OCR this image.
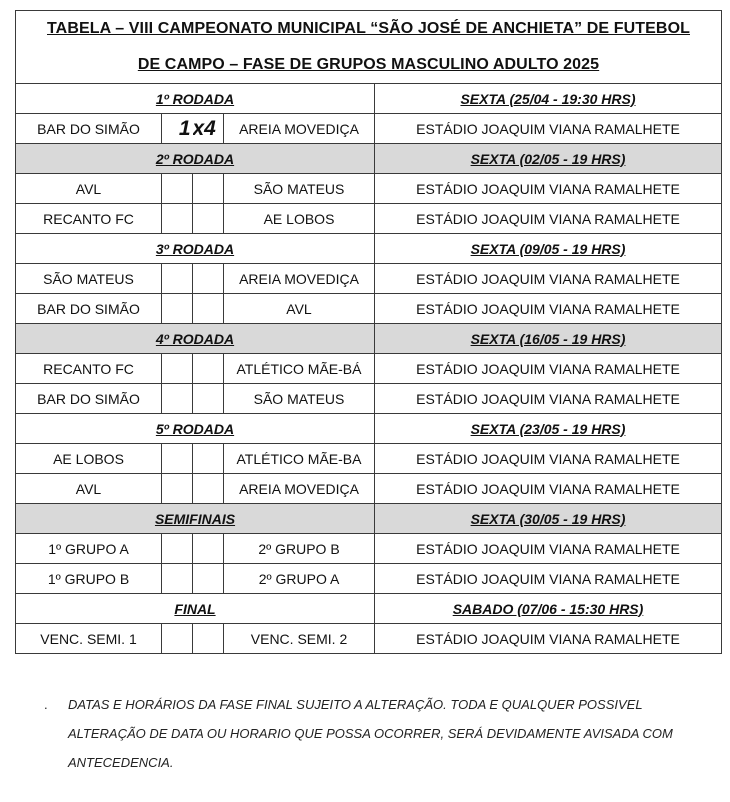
TABELA – VIII CAMPEONATO MUNICIPAL “SÃO JOSÉ DE ANCHIETA” DE FUTEBOL				
DE CAMPO – FASE DE GRUPOS MASCULINO ADULTO 2025				
1º RODADA				SEXTA (25/04 - 19:30 HRS)
BAR DO SIMÃO	1	x4	AREIA MOVEDIÇA	ESTÁDIO JOAQUIM VIANA RAMALHETE
2º RODADA				SEXTA (02/05 - 19 HRS)
AVL			SÃO MATEUS	ESTÁDIO JOAQUIM VIANA RAMALHETE
RECANTO FC			AE LOBOS	ESTÁDIO JOAQUIM VIANA RAMALHETE
3º RODADA				SEXTA (09/05 - 19 HRS)
SÃO MATEUS			AREIA MOVEDIÇA	ESTÁDIO JOAQUIM VIANA RAMALHETE
BAR DO SIMÃO			AVL	ESTÁDIO JOAQUIM VIANA RAMALHETE
4º RODADA				SEXTA (16/05 - 19 HRS)
RECANTO FC			ATLÉTICO MÃE-BÁ	ESTÁDIO JOAQUIM VIANA RAMALHETE
BAR DO SIMÃO			SÃO MATEUS	ESTÁDIO JOAQUIM VIANA RAMALHETE
5º RODADA				SEXTA (23/05 - 19 HRS)
AE LOBOS			ATLÉTICO MÃE-BA	ESTÁDIO JOAQUIM VIANA RAMALHETE
AVL			AREIA MOVEDIÇA	ESTÁDIO JOAQUIM VIANA RAMALHETE
SEMIFINAIS				SEXTA (30/05 - 19 HRS)
1º GRUPO A			2º GRUPO B	ESTÁDIO JOAQUIM VIANA RAMALHETE
1º GRUPO B			2º GRUPO A	ESTÁDIO JOAQUIM VIANA RAMALHETE
FINAL				SABADO (07/06 - 15:30 HRS)
VENC. SEMI. 1			VENC. SEMI. 2	ESTÁDIO JOAQUIM VIANA RAMALHETE
. DATAS E HORÁRIOS DA FASE FINAL SUJEITO A ALTERAÇÃO. TODA E QUALQUER POSSIVEL ALTERAÇÃO DE DATA OU HORARIO QUE POSSA OCORRER, SERÁ DEVIDAMENTE AVISADA COM ANTECEDENCIA.
